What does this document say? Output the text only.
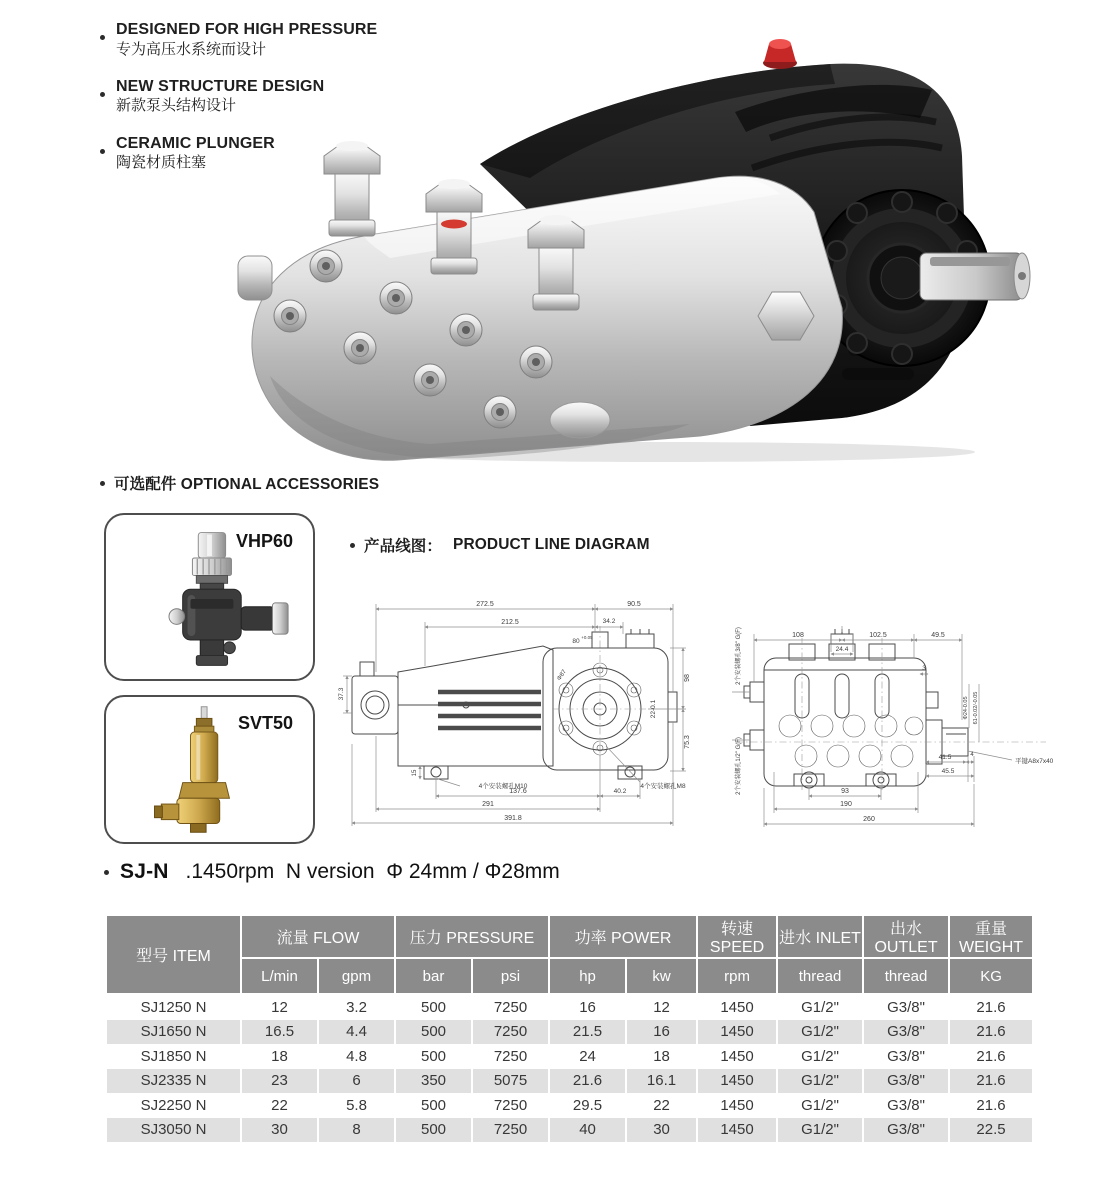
DESIGNED FOR HIGH PRESSURE
专为高压水系统而设计
NEW STRUCTURE DESIGN
新款泵头结构设计
CERAMIC PLUNGER
陶瓷材质柱塞
可选配件 OPTIONAL ACCESSORIES
VHP60
SVT50
产品线图： PRODUCT LINE DIAGRAM
272.5	90.5
212.5	34.2
80
+0.05
98
75.3
37.3
Φ87
22-0.1
15
4个安装螺孔M10
137.6	40.2
4个安装螺孔M8
291
391.8
108	102.5	49.5
24.4
3
2个安装螺孔3/8" G(F)
2个安装螺孔1/2" G(F)
Φ24-0.05 61-0.02/-0.05
41.5	4
45.5
平键A8x7x40
93
190
260
SJ-N .1450rpm  N version  Φ 24mm / Φ28mm
型号 ITEM	流量 FLOW		压力 PRESSURE		功率 POWER		转速 SPEED	进水 INLET	出水 OUTLET	重量 WEIGHT
	L/min	gpm	bar	psi	hp	kw	rpm	thread	thread	KG
SJ1250 N	12	3.2	500	7250	16	12	1450	G1/2"	G3/8"	21.6
SJ1650 N	16.5	4.4	500	7250	21.5	16	1450	G1/2"	G3/8"	21.6
SJ1850 N	18	4.8	500	7250	24	18	1450	G1/2"	G3/8"	21.6
SJ2335 N	23	6	350	5075	21.6	16.1	1450	G1/2"	G3/8"	21.6
SJ2250 N	22	5.8	500	7250	29.5	22	1450	G1/2"	G3/8"	21.6
SJ3050 N	30	8	500	7250	40	30	1450	G1/2"	G3/8"	22.5
